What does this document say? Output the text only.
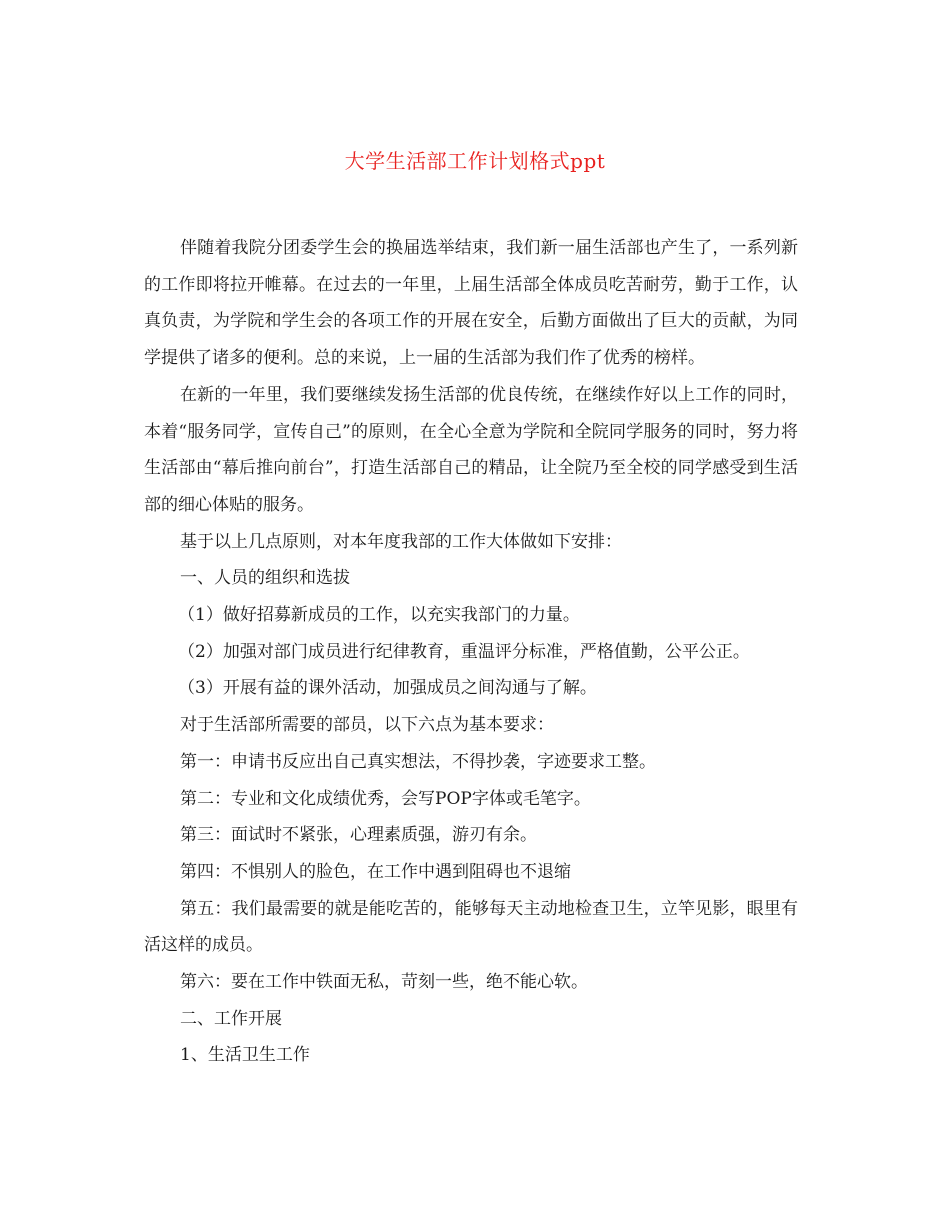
大学生活部工作计划格式ppt

伴随着我院分团委学生会的换届选举结束，我们新一届生活部也产生了，一系列新的工作即将拉开帷幕。在过去的一年里，上届生活部全体成员吃苦耐劳，勤于工作，认真负责，为学院和学生会的各项工作的开展在安全，后勤方面做出了巨大的贡献，为同学提供了诸多的便利。总的来说，上一届的生活部为我们作了优秀的榜样。

在新的一年里，我们要继续发扬生活部的优良传统，在继续作好以上工作的同时，本着“服务同学，宣传自己”的原则，在全心全意为学院和全院同学服务的同时，努力将生活部由“幕后推向前台”，打造生活部自己的精品，让全院乃至全校的同学感受到生活部的细心体贴的服务。

基于以上几点原则，对本年度我部的工作大体做如下安排：

一、人员的组织和选拔

（1）做好招募新成员的工作，以充实我部门的力量。

（2）加强对部门成员进行纪律教育，重温评分标准，严格值勤，公平公正。

（3）开展有益的课外活动，加强成员之间沟通与了解。

对于生活部所需要的部员，以下六点为基本要求：

第一：申请书反应出自己真实想法，不得抄袭，字迹要求工整。

第二：专业和文化成绩优秀，会写POP字体或毛笔字。

第三：面试时不紧张，心理素质强，游刃有余。

第四：不惧别人的脸色，在工作中遇到阻碍也不退缩

第五：我们最需要的就是能吃苦的，能够每天主动地检查卫生，立竿见影，眼里有活这样的成员。

第六：要在工作中铁面无私，苛刻一些，绝不能心软。

二、工作开展

1、生活卫生工作
